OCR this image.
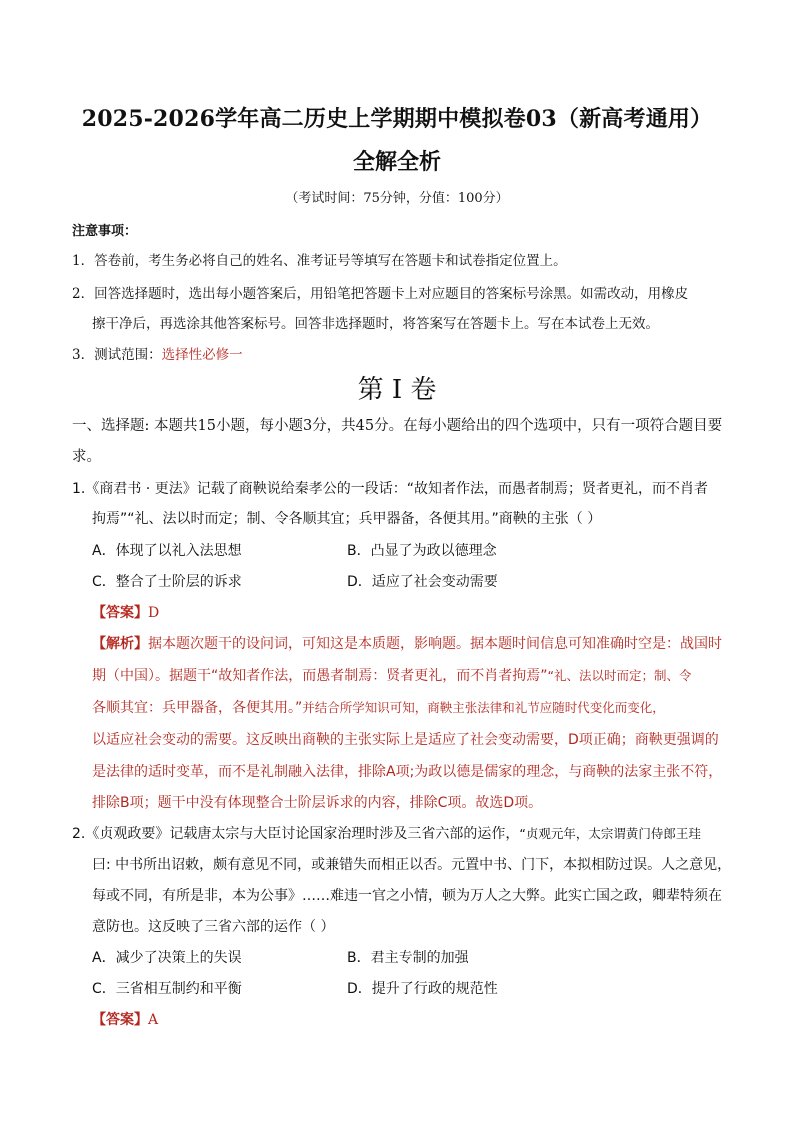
2025-2026学年高二历史上学期期中模拟卷03（新高考通用）
全解全析
（考试时间：75分钟，分值：100分）
注意事项：
1．答卷前，考生务必将自己的姓名、准考证号等填写在答题卡和试卷指定位置上。
2．回答选择题时，选出每小题答案后，用铅笔把答题卡上对应题目的答案标号涂黑。如需改动，用橡皮
擦干净后，再选涂其他答案标号。回答非选择题时，将答案写在答题卡上。写在本试卷上无效。
3．测试范围：选择性必修一
第 I 卷
一、选择题: 本题共15小题，每小题3分，共45分。在每小题给出的四个选项中，只有一项符合题目要
求。
1.《商君书 · 更法》记载了商鞅说给秦孝公的一段话：“故知者作法，而愚者制焉；贤者更礼，而不肖者
拘焉”“礼、法以时而定；制、令各顺其宜；兵甲器备，各便其用。”商鞅的主张（ ）
A．体现了以礼入法思想	B．凸显了为政以德理念
C．整合了士阶层的诉求	D．适应了社会变动需要
【答案】D
【解析】据本题次题干的设问词，可知这是本质题，影响题。据本题时间信息可知准确时空是：战国时
期（中国）。据题干“故知者作法，而愚者制焉：贤者更礼，而不肖者拘焉”“礼、法以时而定；制、令
各顺其宜：兵甲器备，各便其用。”并结合所学知识可知，商鞅主张法律和礼节应随时代变化而变化，
以适应社会变动的需要。这反映出商鞅的主张实际上是适应了社会变动需要，D项正确；商鞅更强调的
是法律的适时变革，而不是礼制融入法律，排除A项;为政以德是儒家的理念，与商鞅的法家主张不符，
排除B项；题干中没有体现整合士阶层诉求的内容，排除C项。故选D项。
2.《贞观政要》记载唐太宗与大臣讨论国家治理时涉及三省六部的运作，“贞观元年，太宗谓黄门侍郎王珪
曰: 中书所出诏敕，颇有意见不同，或兼错失而相正以否。元置中书、门下，本拟相防过误。人之意见，
每或不同，有所是非，本为公事》……难违一官之小情，顿为万人之大弊。此实亡国之政，卿辈特须在
意防也。这反映了三省六部的运作（ ）
A．减少了决策上的失误	B．君主专制的加强
C．三省相互制约和平衡	D．提升了行政的规范性
【答案】A
